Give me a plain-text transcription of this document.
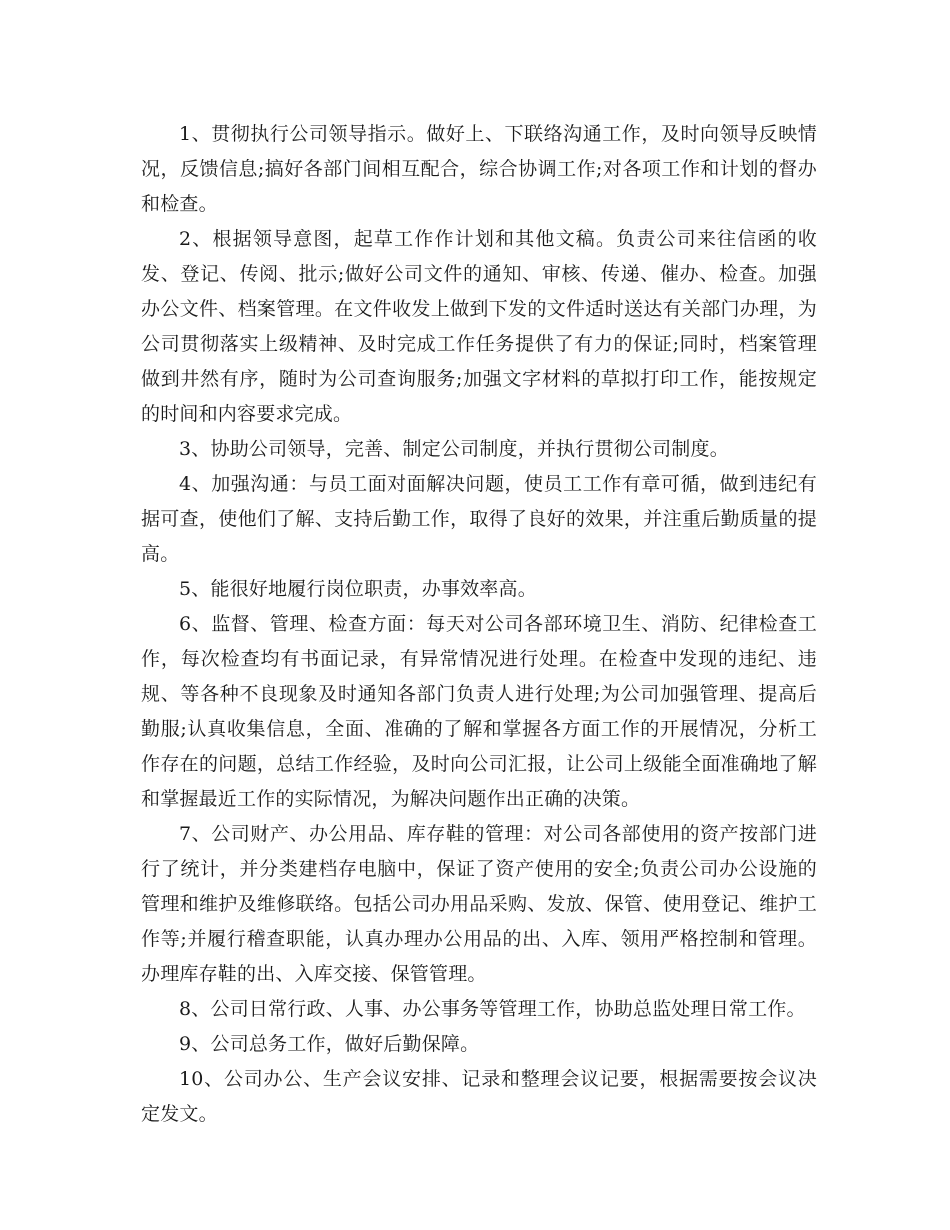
1、贯彻执行公司领导指示。做好上、下联络沟通工作，及时向领导反映情况，反馈信息;搞好各部门间相互配合，综合协调工作;对各项工作和计划的督办和检查。

2、根据领导意图，起草工作作计划和其他文稿。负责公司来往信函的收发、登记、传阅、批示;做好公司文件的通知、审核、传递、催办、检查。加强办公文件、档案管理。在文件收发上做到下发的文件适时送达有关部门办理，为公司贯彻落实上级精神、及时完成工作任务提供了有力的保证;同时，档案管理做到井然有序，随时为公司查询服务;加强文字材料的草拟打印工作，能按规定的时间和内容要求完成。

3、协助公司领导，完善、制定公司制度，并执行贯彻公司制度。

4、加强沟通：与员工面对面解决问题，使员工工作有章可循，做到违纪有据可查，使他们了解、支持后勤工作，取得了良好的效果，并注重后勤质量的提高。

5、能很好地履行岗位职责，办事效率高。

6、监督、管理、检查方面：每天对公司各部环境卫生、消防、纪律检查工作，每次检查均有书面记录，有异常情况进行处理。在检查中发现的违纪、违规、等各种不良现象及时通知各部门负责人进行处理;为公司加强管理、提高后勤服;认真收集信息，全面、准确的了解和掌握各方面工作的开展情况，分析工作存在的问题，总结工作经验，及时向公司汇报，让公司上级能全面准确地了解和掌握最近工作的实际情况，为解决问题作出正确的决策。

7、公司财产、办公用品、库存鞋的管理：对公司各部使用的资产按部门进行了统计，并分类建档存电脑中，保证了资产使用的安全;负责公司办公设施的管理和维护及维修联络。包括公司办用品采购、发放、保管、使用登记、维护工作等;并履行稽查职能，认真办理办公用品的出、入库、领用严格控制和管理。办理库存鞋的出、入库交接、保管管理。

8、公司日常行政、人事、办公事务等管理工作，协助总监处理日常工作。

9、公司总务工作，做好后勤保障。

10、公司办公、生产会议安排、记录和整理会议记要，根据需要按会议决定发文。
